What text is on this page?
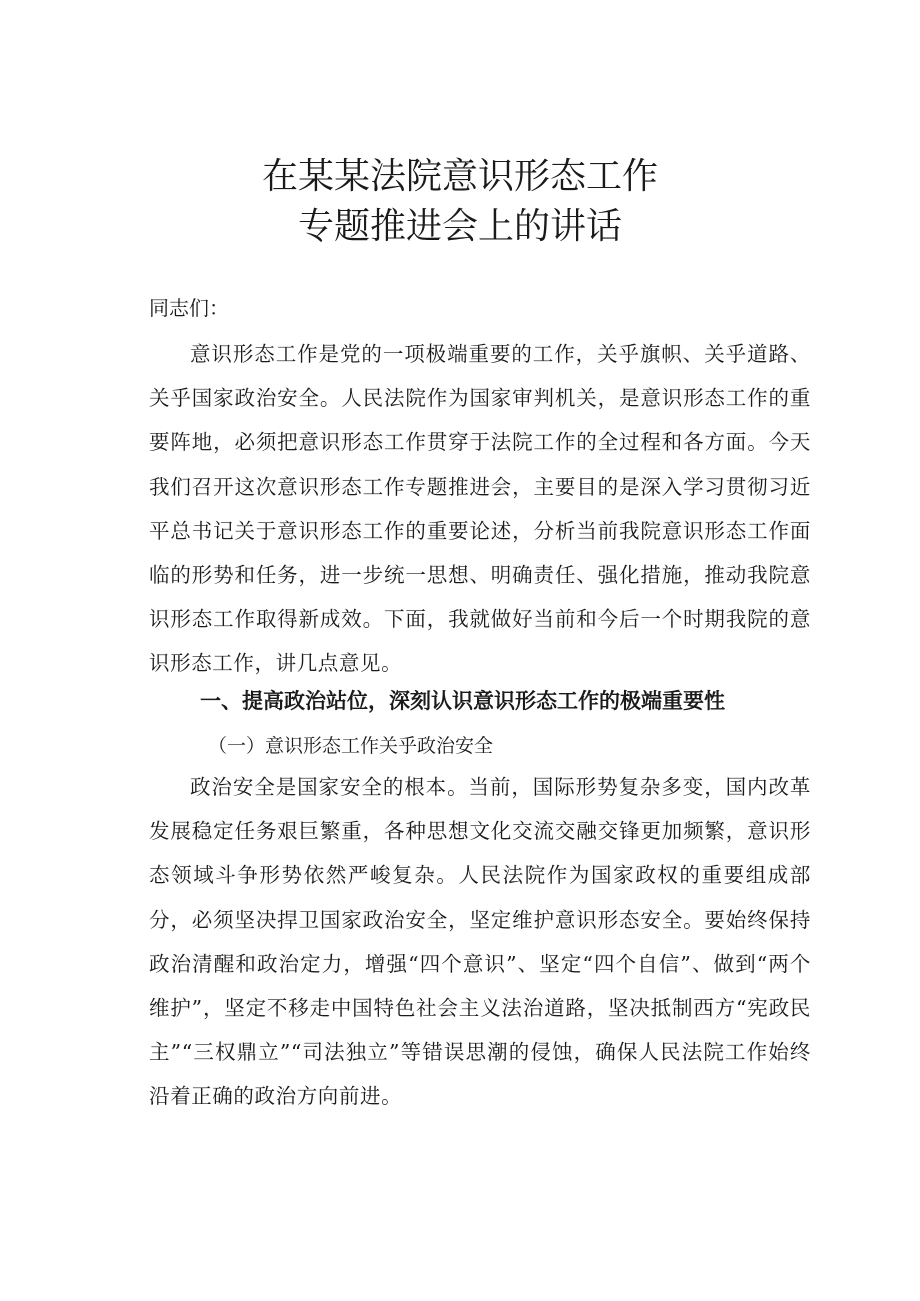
在某某法院意识形态工作
专题推进会上的讲话
同志们：

意识形态工作是党的一项极端重要的工作，关乎旗帜、关乎道路、关乎国家政治安全。人民法院作为国家审判机关，是意识形态工作的重要阵地，必须把意识形态工作贯穿于法院工作的全过程和各方面。今天我们召开这次意识形态工作专题推进会，主要目的是深入学习贯彻习近平总书记关于意识形态工作的重要论述，分析当前我院意识形态工作面临的形势和任务，进一步统一思想、明确责任、强化措施，推动我院意识形态工作取得新成效。下面，我就做好当前和今后一个时期我院的意识形态工作，讲几点意见。

一、提高政治站位，深刻认识意识形态工作的极端重要性
（一）意识形态工作关乎政治安全

政治安全是国家安全的根本。当前，国际形势复杂多变，国内改革发展稳定任务艰巨繁重，各种思想文化交流交融交锋更加频繁，意识形态领域斗争形势依然严峻复杂。人民法院作为国家政权的重要组成部分，必须坚决捍卫国家政治安全，坚定维护意识形态安全。要始终保持政治清醒和政治定力，增强“四个意识”、坚定“四个自信”、做到“两个维护”，坚定不移走中国特色社会主义法治道路，坚决抵制西方“宪政民主”“三权鼎立”“司法独立”等错误思潮的侵蚀，确保人民法院工作始终沿着正确的政治方向前进。
